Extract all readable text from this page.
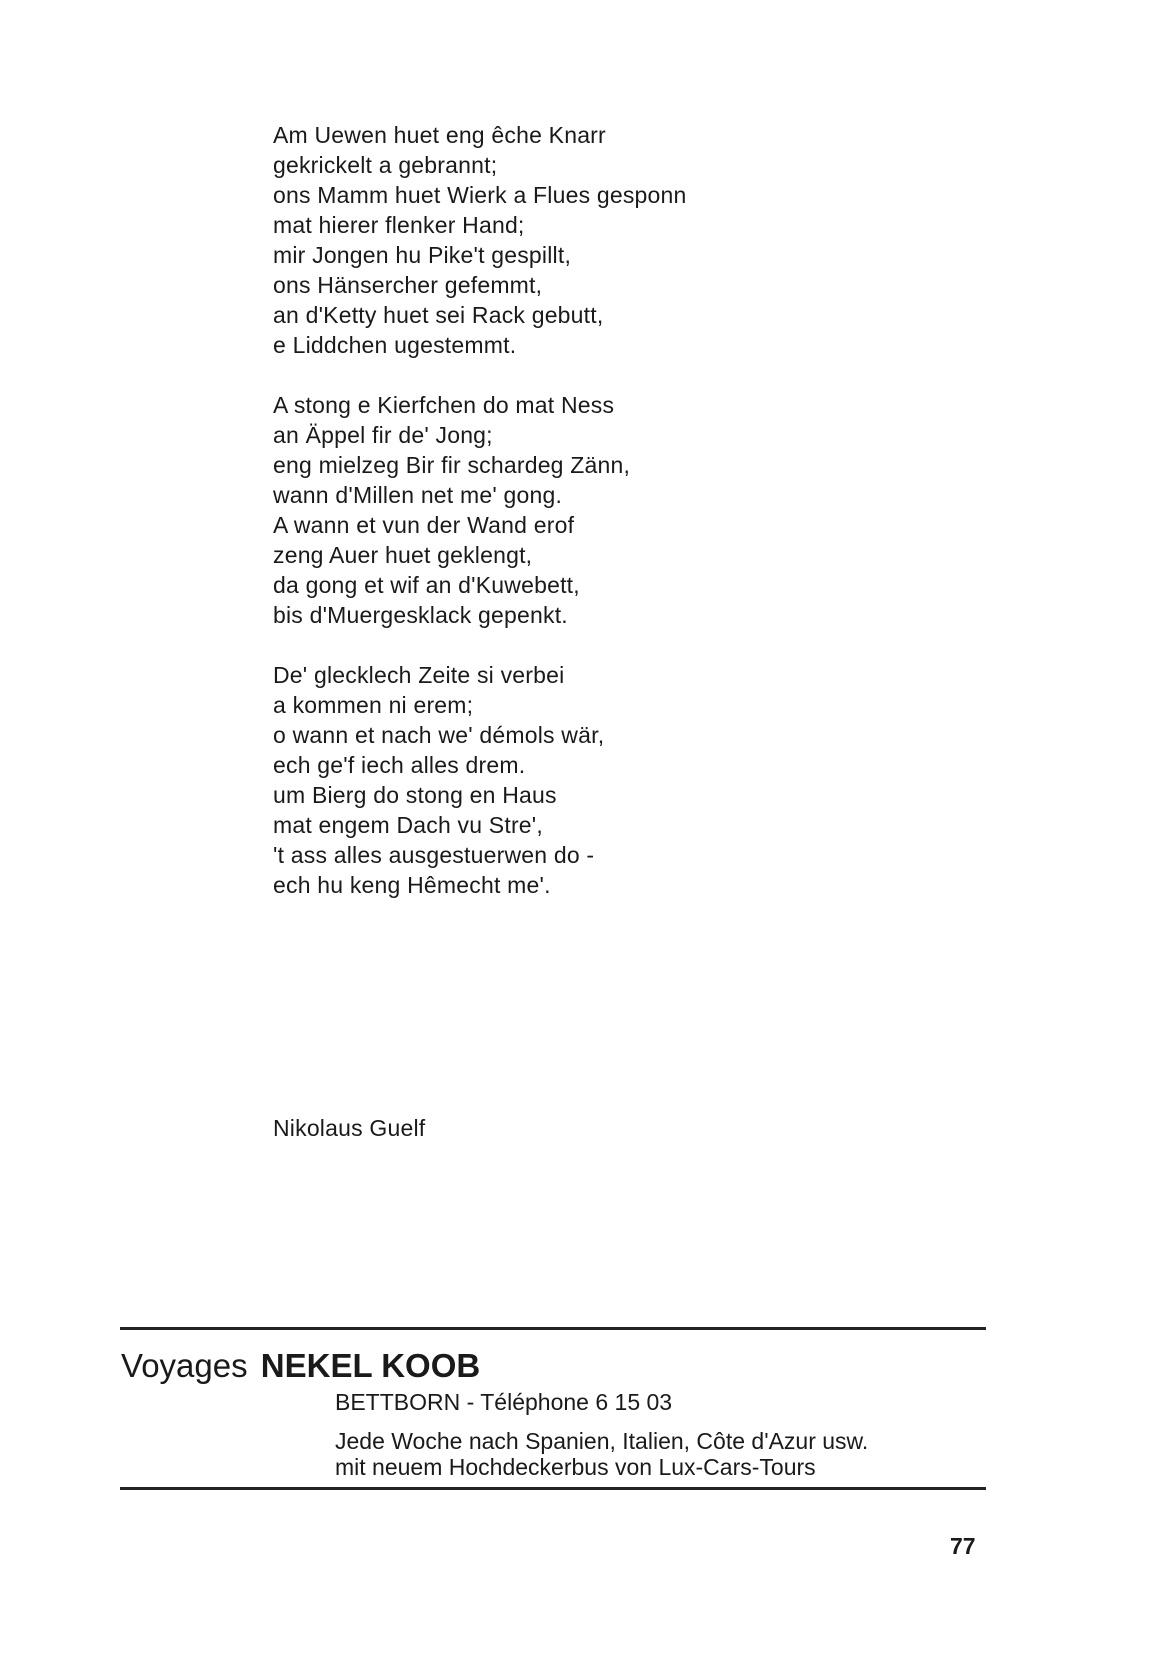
Am Uewen huet eng êche Knarr
gekrickelt a gebrannt;
ons Mamm huet Wierk a Flues gesponn
mat hierer flenker Hand;
mir Jongen hu Pike't gespillt,
ons Hänsercher gefemmt,
an d'Ketty huet sei Rack gebutt,
e Liddchen ugestemmt.
A stong e Kierfchen do mat Ness
an Äppel fir de' Jong;
eng mielzeg Bir fir schardeg Zänn,
wann d'Millen net me' gong.
A wann et vun der Wand erof
zeng Auer huet geklengt,
da gong et wif an d'Kuwebett,
bis d'Muergesklack gepenkt.
De' glecklech Zeite si verbei
a kommen ni erem;
o wann et nach we' démols wär,
ech ge'f iech alles drem.
um Bierg do stong en Haus
mat engem Dach vu Stre',
't ass alles ausgestuerwen do -
ech hu keng Hêmecht me'.
Nikolaus Guelf
Voyages NEKEL KOOB
BETTBORN - Téléphone 6 15 03
Jede Woche nach Spanien, Italien, Côte d'Azur usw.
mit neuem Hochdeckerbus von Lux-Cars-Tours
77
